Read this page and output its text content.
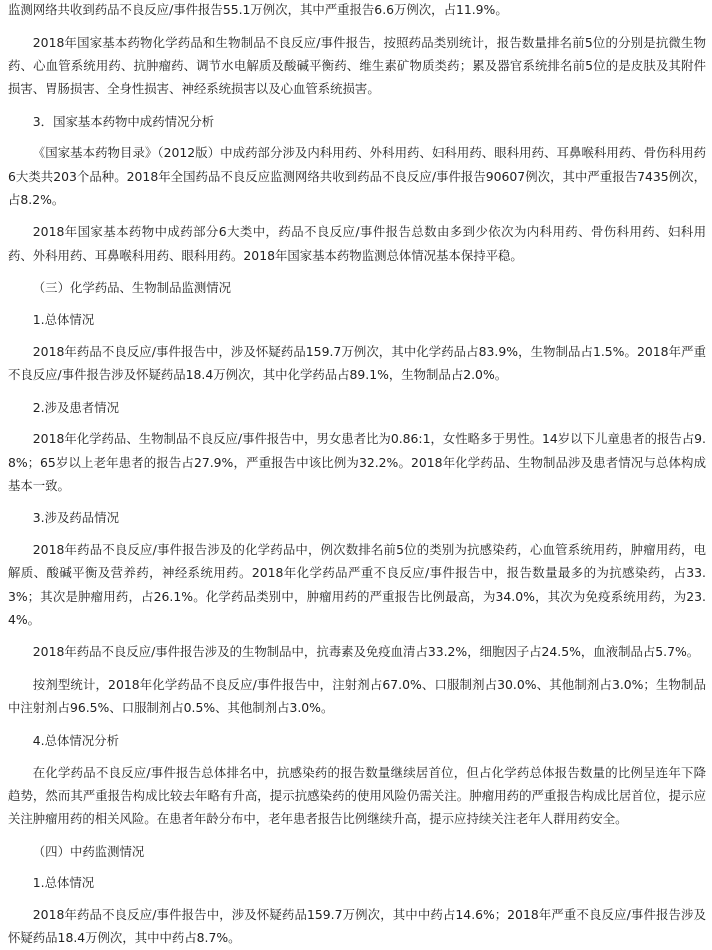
监测网络共收到药品不良反应/事件报告55.1万例次，其中严重报告6.6万例次，占11.9%。

2018年国家基本药物化学药品和生物制品不良反应/事件报告，按照药品类别统计，报告数量排名前5位的分别是抗微生物药、心血管系统用药、抗肿瘤药、调节水电解质及酸碱平衡药、维生素矿物质类药；累及器官系统排名前5位的是皮肤及其附件损害、胃肠损害、全身性损害、神经系统损害以及心血管系统损害。

3．国家基本药物中成药情况分析

《国家基本药物目录》（2012版）中成药部分涉及内科用药、外科用药、妇科用药、眼科用药、耳鼻喉科用药、骨伤科用药6大类共203个品种。2018年全国药品不良反应监测网络共收到药品不良反应/事件报告90607例次，其中严重报告7435例次，占8.2%。

2018年国家基本药物中成药部分6大类中，药品不良反应/事件报告总数由多到少依次为内科用药、骨伤科用药、妇科用药、外科用药、耳鼻喉科用药、眼科用药。2018年国家基本药物监测总体情况基本保持平稳。

（三）化学药品、生物制品监测情况

1.总体情况

2018年药品不良反应/事件报告中，涉及怀疑药品159.7万例次，其中化学药品占83.9%，生物制品占1.5%。2018年严重不良反应/事件报告涉及怀疑药品18.4万例次，其中化学药品占89.1%，生物制品占2.0%。

2.涉及患者情况

2018年化学药品、生物制品不良反应/事件报告中，男女患者比为0.86:1，女性略多于男性。14岁以下儿童患者的报告占9.8%；65岁以上老年患者的报告占27.9%，严重报告中该比例为32.2%。2018年化学药品、生物制品涉及患者情况与总体构成基本一致。

3.涉及药品情况

2018年药品不良反应/事件报告涉及的化学药品中，例次数排名前5位的类别为抗感染药，心血管系统用药，肿瘤用药，电解质、酸碱平衡及营养药，神经系统用药。2018年化学药品严重不良反应/事件报告中，报告数量最多的为抗感染药，占33.3%；其次是肿瘤用药，占26.1%。化学药品类别中，肿瘤用药的严重报告比例最高，为34.0%，其次为免疫系统用药，为23.4%。

2018年药品不良反应/事件报告涉及的生物制品中，抗毒素及免疫血清占33.2%，细胞因子占24.5%，血液制品占5.7%。

按剂型统计，2018年化学药品不良反应/事件报告中，注射剂占67.0%、口服制剂占30.0%、其他制剂占3.0%；生物制品中注射剂占96.5%、口服制剂占0.5%、其他制剂占3.0%。

4.总体情况分析

在化学药品不良反应/事件报告总体排名中，抗感染药的报告数量继续居首位，但占化学药总体报告数量的比例呈连年下降趋势，然而其严重报告构成比较去年略有升高，提示抗感染药的使用风险仍需关注。肿瘤用药的严重报告构成比居首位，提示应关注肿瘤用药的相关风险。在患者年龄分布中，老年患者报告比例继续升高，提示应持续关注老年人群用药安全。

（四）中药监测情况

1.总体情况

2018年药品不良反应/事件报告中，涉及怀疑药品159.7万例次，其中中药占14.6%；2018年严重不良反应/事件报告涉及怀疑药品18.4万例次，其中中药占8.7%。
